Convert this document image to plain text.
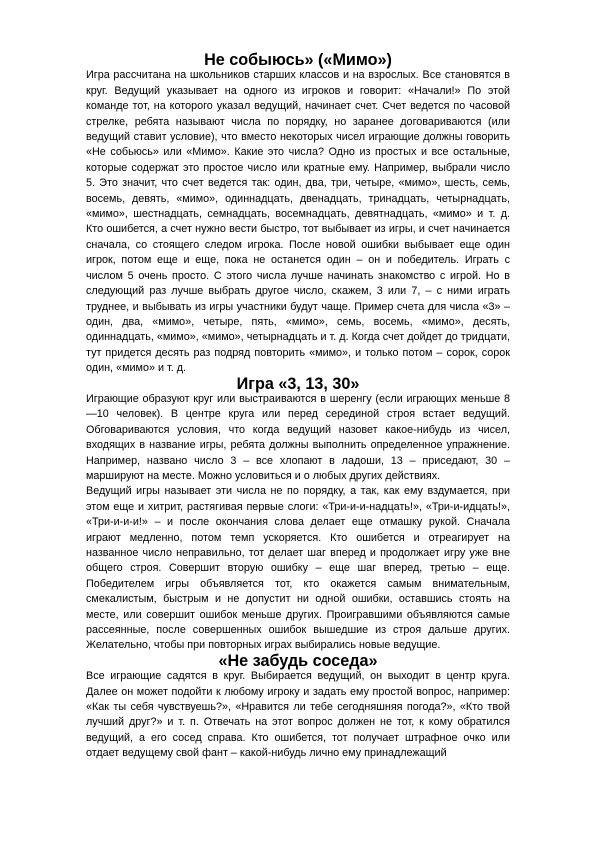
Не собыюсь» («Мимо»)

Игра рассчитана на школьников старших классов и на взрослых. Все становятся в круг. Ведущий указывает на одного из игроков и говорит: «Начали!» По этой команде тот, на которого указал ведущий, начинает счет. Счет ведется по часовой стрелке, ребята называют числа по порядку, но заранее договариваются (или ведущий ставит условие), что вместо некоторых чисел играющие должны говорить «Не собьюсь» или «Мимо». Какие это числа? Одно из простых и все остальные, которые содержат это простое число или кратные ему. Например, выбрали число 5. Это значит, что счет ведется так: один, два, три, четыре, «мимо», шесть, семь, восемь, девять, «мимо», одиннадцать, двенадцать, тринадцать, четырнадцать, «мимо», шестнадцать, семнадцать, восемнадцать, девятнадцать, «мимо» и т. д. Кто ошибется, а счет нужно вести быстро, тот выбывает из игры, и счет начинается сначала, со стоящего следом игрока. После новой ошибки выбывает еще один игрок, потом еще и еще, пока не останется один – он и победитель. Играть с числом 5 очень просто. С этого числа лучше начинать знакомство с игрой. Но в следующий раз лучше выбрать другое число, скажем, 3 или 7, – с ними играть труднее, и выбывать из игры участники будут чаще. Пример счета для числа «3» – один, два, «мимо», четыре, пять, «мимо», семь, восемь, «мимо», десять, одиннадцать, «мимо», «мимо», четырнадцать и т. д. Когда счет дойдет до тридцати, тут придется десять раз подряд повторить «мимо», и только потом – сорок, сорок один, «мимо» и т. д.

Игра «3, 13, 30»

Играющие образуют круг или выстраиваются в шеренгу (если играющих меньше 8 —10 человек). В центре круга или перед серединой строя встает ведущий. Обговариваются условия, что когда ведущий назовет какое-нибудь из чисел, входящих в название игры, ребята должны выполнить определенное упражнение. Например, названо число 3 – все хлопают в ладоши, 13 – приседают, 30 – маршируют на месте. Можно условиться и о любых других действиях.

Ведущий игры называет эти числа не по порядку, а так, как ему вздумается, при этом еще и хитрит, растягивая первые слоги: «Три-и-и-надцать!», «Три-и-идцать!», «Три-и-и-и!» – и после окончания слова делает еще отмашку рукой. Сначала играют медленно, потом темп ускоряется. Кто ошибется и отреагирует на названное число неправильно, тот делает шаг вперед и продолжает игру уже вне общего строя. Совершит вторую ошибку – еще шаг вперед, третью – еще. Победителем игры объявляется тот, кто окажется самым внимательным, смекалистым, быстрым и не допустит ни одной ошибки, оставшись стоять на месте, или совершит ошибок меньше других. Проигравшими объявляются самые рассеянные, после совершенных ошибок вышедшие из строя дальше других. Желательно, чтобы при повторных играх выбирались новые ведущие.

«Не забудь соседа»

Все играющие садятся в круг. Выбирается ведущий, он выходит в центр круга. Далее он может подойти к любому игроку и задать ему простой вопрос, например: «Как ты себя чувствуешь?», «Нравится ли тебе сегодняшняя погода?», «Кто твой лучший друг?» и т. п. Отвечать на этот вопрос должен не тот, к кому обратился ведущий, а его сосед справа. Кто ошибется, тот получает штрафное очко или отдает ведущему свой фант – какой-нибудь лично ему принадлежащий
